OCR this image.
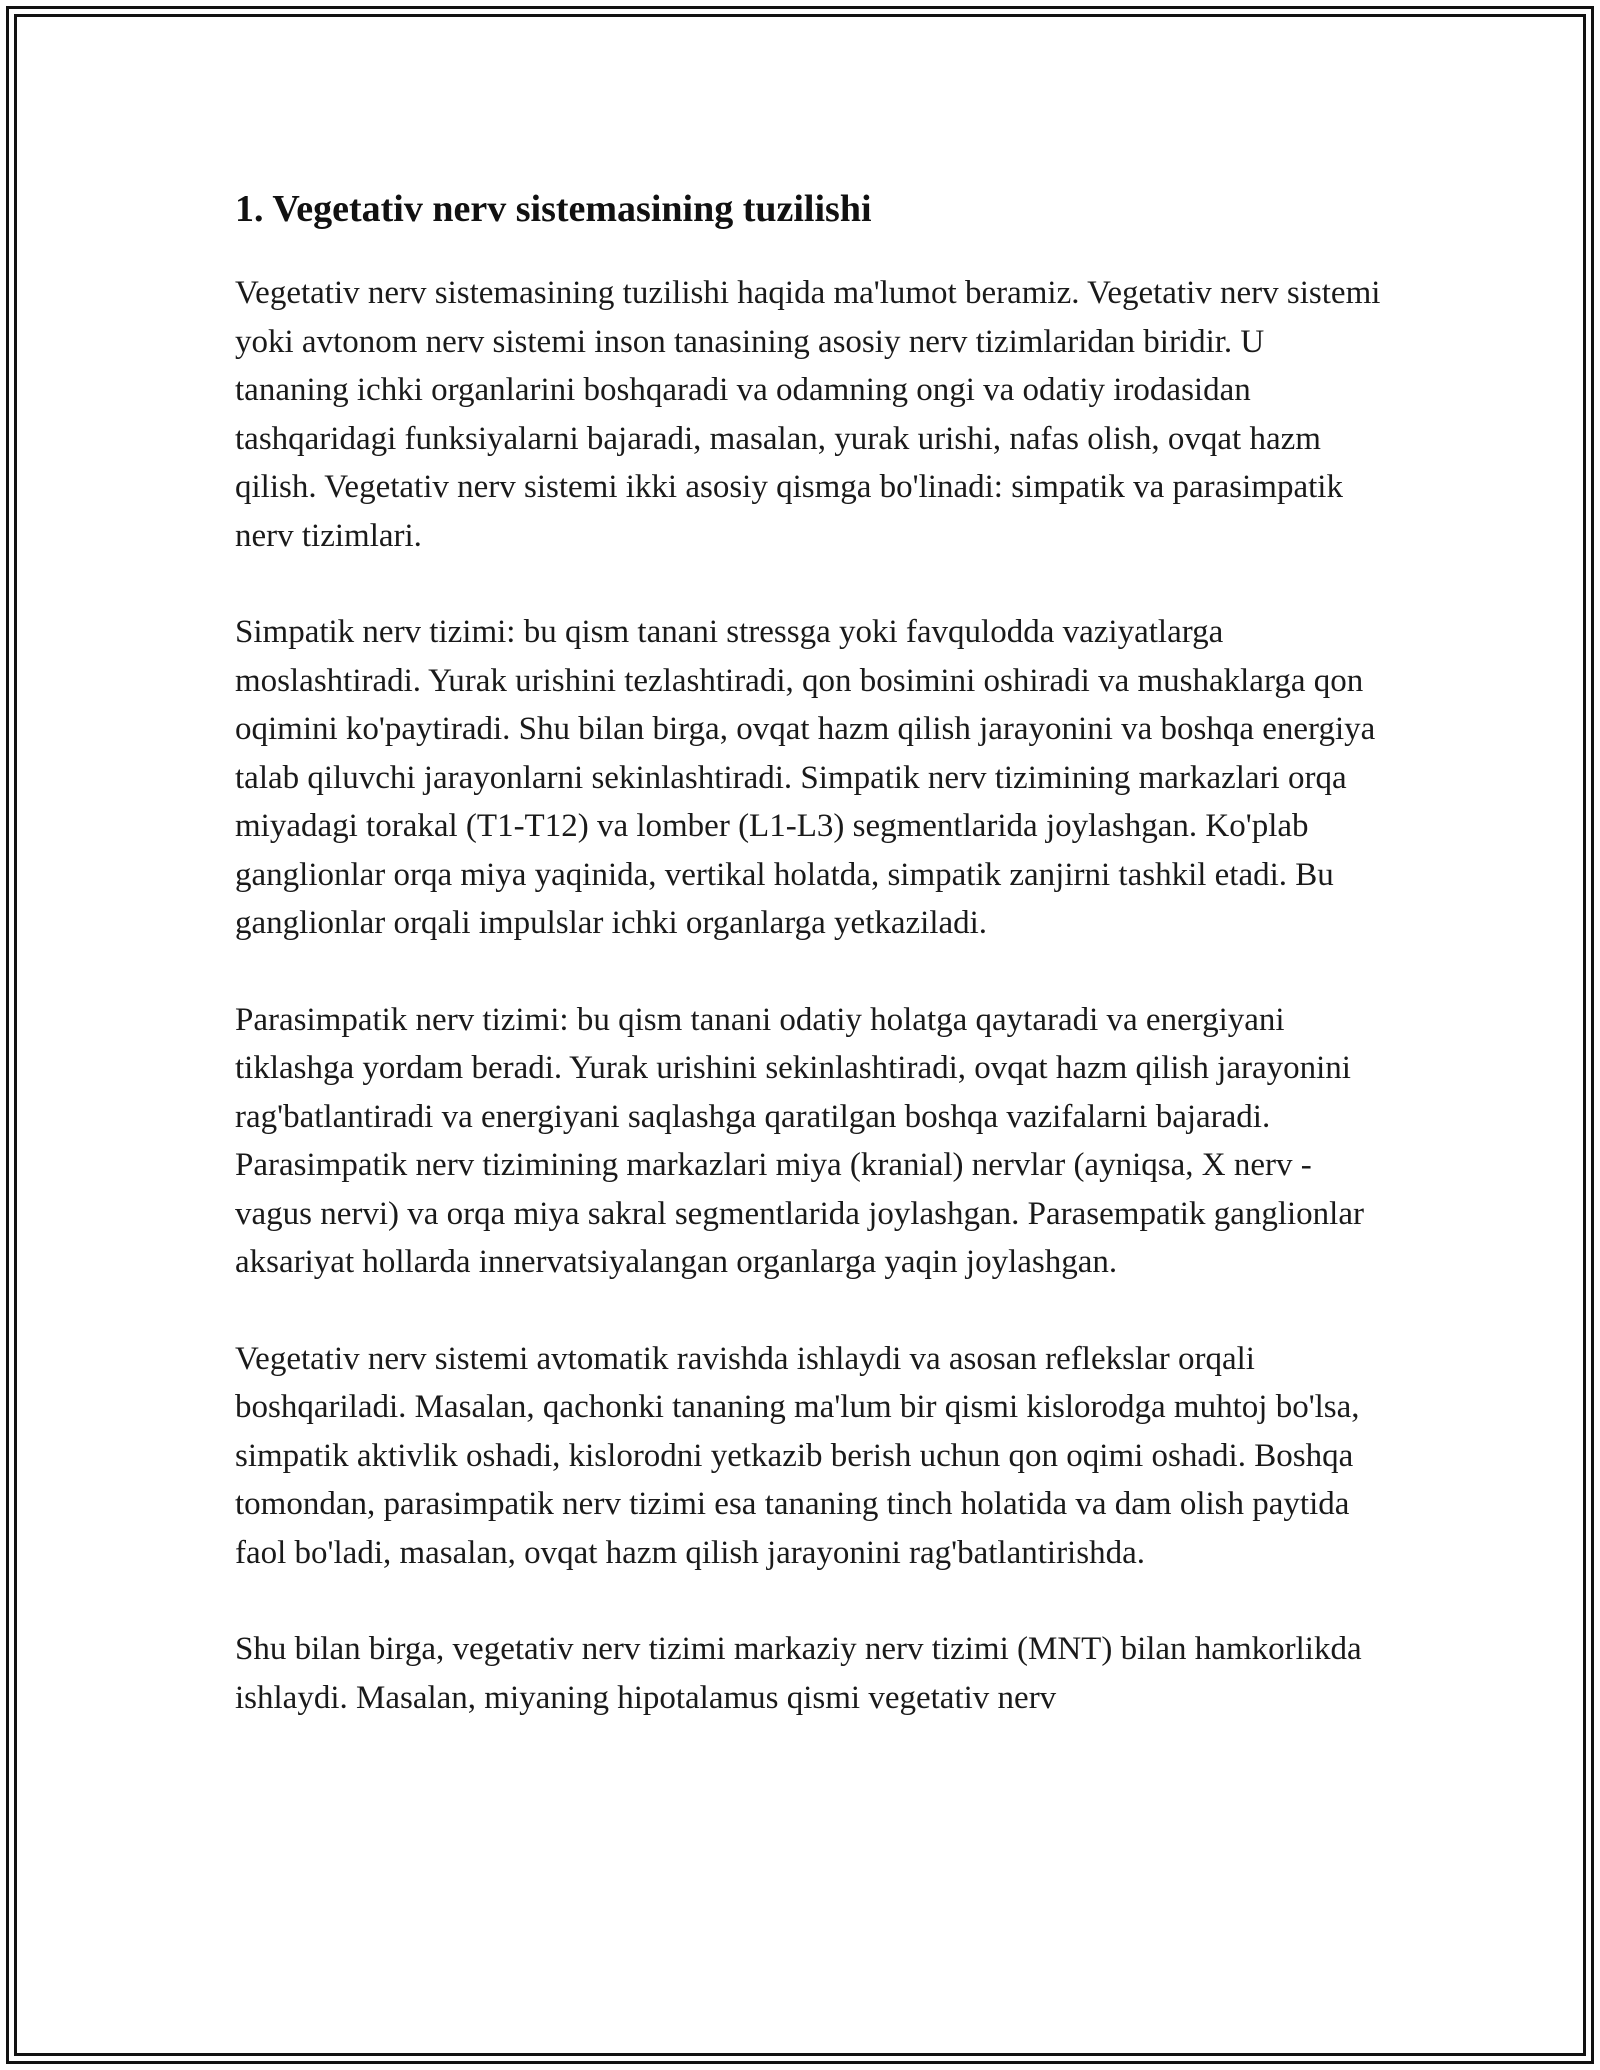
1. Vegetativ nerv sistemasining tuzilishi

Vegetativ nerv sistemasining tuzilishi haqida ma'lumot beramiz. Vegetativ nerv sistemi yoki avtonom nerv sistemi inson tanasining asosiy nerv tizimlaridan biridir. U tananing ichki organlarini boshqaradi va odamning ongi va odatiy irodasidan tashqaridagi funksiyalarni bajaradi, masalan, yurak urishi, nafas olish, ovqat hazm qilish. Vegetativ nerv sistemi ikki asosiy qismga bo'linadi: simpatik va parasimpatik nerv tizimlari.

Simpatik nerv tizimi: bu qism tanani stressga yoki favqulodda vaziyatlarga moslashtiradi. Yurak urishini tezlashtiradi, qon bosimini oshiradi va mushaklarga qon oqimini ko'paytiradi. Shu bilan birga, ovqat hazm qilish jarayonini va boshqa energiya talab qiluvchi jarayonlarni sekinlashtiradi. Simpatik nerv tizimining markazlari orqa miyadagi torakal (T1-T12) va lomber (L1-L3) segmentlarida joylashgan. Ko'plab ganglionlar orqa miya yaqinida, vertikal holatda, simpatik zanjirni tashkil etadi. Bu ganglionlar orqali impulslar ichki organlarga yetkaziladi.

Parasimpatik nerv tizimi: bu qism tanani odatiy holatga qaytaradi va energiyani tiklashga yordam beradi. Yurak urishini sekinlashtiradi, ovqat hazm qilish jarayonini rag'batlantiradi va energiyani saqlashga qaratilgan boshqa vazifalarni bajaradi. Parasimpatik nerv tizimining markazlari miya (kranial) nervlar (ayniqsa, X nerv - vagus nervi) va orqa miya sakral segmentlarida joylashgan. Parasempatik ganglionlar aksariyat hollarda innervatsiyalangan organlarga yaqin joylashgan.

Vegetativ nerv sistemi avtomatik ravishda ishlaydi va asosan reflekslar orqali boshqariladi. Masalan, qachonki tananing ma'lum bir qismi kislorodga muhtoj bo'lsa, simpatik aktivlik oshadi, kislorodni yetkazib berish uchun qon oqimi oshadi. Boshqa tomondan, parasimpatik nerv tizimi esa tananing tinch holatida va dam olish paytida faol bo'ladi, masalan, ovqat hazm qilish jarayonini rag'batlantirishda.

Shu bilan birga, vegetativ nerv tizimi markaziy nerv tizimi (MNT) bilan hamkorlikda ishlaydi. Masalan, miyaning hipotalamus qismi vegetativ nerv
